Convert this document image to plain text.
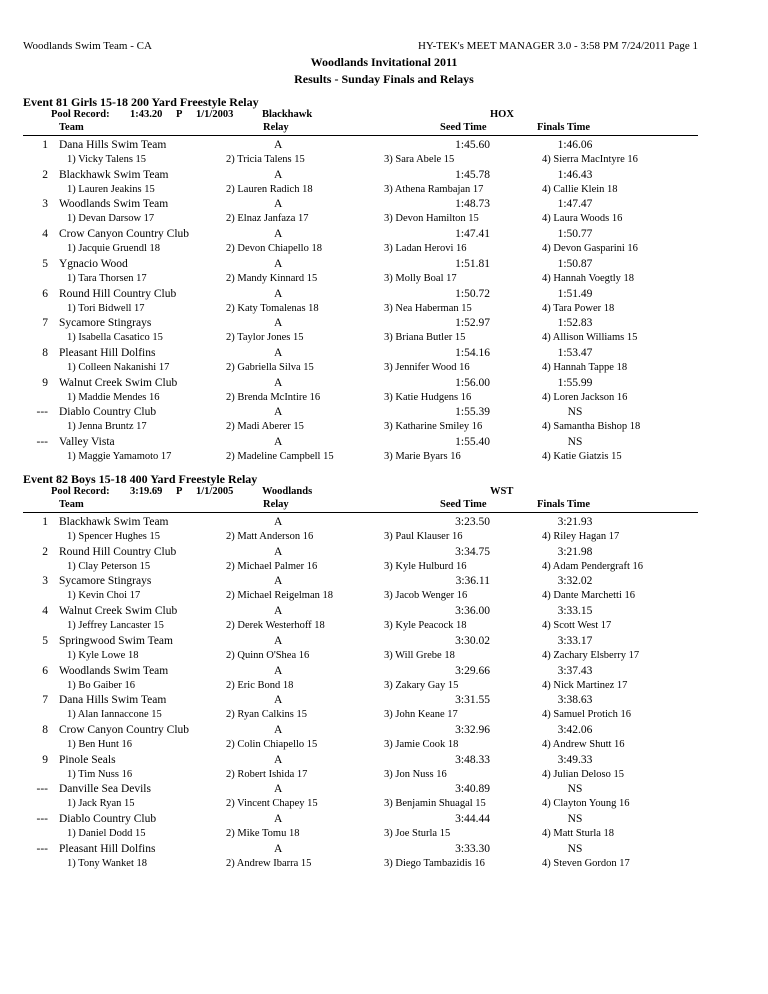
Woodlands Swim Team - CA	HY-TEK's MEET MANAGER 3.0 - 3:58 PM 7/24/2011 Page 1
Woodlands Invitational 2011
Results - Sunday Finals and Relays
Event 81 Girls 15-18 200 Yard Freestyle Relay
Pool Record: 1:43.20 P 1/1/2003	Blackhawk	HOX
Team	Relay	Seed Time	Finals Time
1 Dana Hills Swim Team	A	1:45.60	1:46.06
1) Vicky Talens 15	2) Tricia Talens 15	3) Sara Abele 15	4) Sierra MacIntyre 16
2 Blackhawk Swim Team	A	1:45.78	1:46.43
1) Lauren Jeakins 15	2) Lauren Radich 18	3) Athena Rambajan 17	4) Callie Klein 18
3 Woodlands Swim Team	A	1:48.73	1:47.47
1) Devan Darsow 17	2) Elnaz Janfaza 17	3) Devon Hamilton 15	4) Laura Woods 16
4 Crow Canyon Country Club	A	1:47.41	1:50.77
1) Jacquie Gruendl 18	2) Devon Chiapello 18	3) Ladan Herovi 16	4) Devon Gasparini 16
5 Ygnacio Wood	A	1:51.81	1:50.87
1) Tara Thorsen 17	2) Mandy Kinnard 15	3) Molly Boal 17	4) Hannah Voegtly 18
6 Round Hill Country Club	A	1:50.72	1:51.49
1) Tori Bidwell 17	2) Katy Tomalenas 18	3) Nea Haberman 15	4) Tara Power 18
7 Sycamore Stingrays	A	1:52.97	1:52.83
1) Isabella Casatico 15	2) Taylor Jones 15	3) Briana Butler 15	4) Allison Williams 15
8 Pleasant Hill Dolfins	A	1:54.16	1:53.47
1) Colleen Nakanishi 17	2) Gabriella Silva 15	3) Jennifer Wood 16	4) Hannah Tappe 18
9 Walnut Creek Swim Club	A	1:56.00	1:55.99
1) Maddie Mendes 16	2) Brenda McIntire 16	3) Katie Hudgens 16	4) Loren Jackson 16
--- Diablo Country Club	A	1:55.39	NS
1) Jenna Bruntz 17	2) Madi Aberer 15	3) Katharine Smiley 16	4) Samantha Bishop 18
--- Valley Vista	A	1:55.40	NS
1) Maggie Yamamoto 17	2) Madeline Campbell 15	3) Marie Byars 16	4) Katie Giatzis 15
Event 82 Boys 15-18 400 Yard Freestyle Relay
Pool Record: 3:19.69 P 1/1/2005	Woodlands	WST
Team	Relay	Seed Time	Finals Time
1 Blackhawk Swim Team	A	3:23.50	3:21.93
1) Spencer Hughes 15	2) Matt Anderson 16	3) Paul Klauser 16	4) Riley Hagan 17
2 Round Hill Country Club	A	3:34.75	3:21.98
1) Clay Peterson 15	2) Michael Palmer 16	3) Kyle Hulburd 16	4) Adam Pendergraft 16
3 Sycamore Stingrays	A	3:36.11	3:32.02
1) Kevin Choi 17	2) Michael Reigelman 18	3) Jacob Wenger 16	4) Dante Marchetti 16
4 Walnut Creek Swim Club	A	3:36.00	3:33.15
1) Jeffrey Lancaster 15	2) Derek Westerhoff 18	3) Kyle Peacock 18	4) Scott West 17
5 Springwood Swim Team	A	3:30.02	3:33.17
1) Kyle Lowe 18	2) Quinn O'Shea 16	3) Will Grebe 18	4) Zachary Elsberry 17
6 Woodlands Swim Team	A	3:29.66	3:37.43
1) Bo Gaiber 16	2) Eric Bond 18	3) Zakary Gay 15	4) Nick Martinez 17
7 Dana Hills Swim Team	A	3:31.55	3:38.63
1) Alan Iannaccone 15	2) Ryan Calkins 15	3) John Keane 17	4) Samuel Protich 16
8 Crow Canyon Country Club	A	3:32.96	3:42.06
1) Ben Hunt 16	2) Colin Chiapello 15	3) Jamie Cook 18	4) Andrew Shutt 16
9 Pinole Seals	A	3:48.33	3:49.33
1) Tim Nuss 16	2) Robert Ishida 17	3) Jon Nuss 16	4) Julian Deloso 15
--- Danville Sea Devils	A	3:40.89	NS
1) Jack Ryan 15	2) Vincent Chapey 15	3) Benjamin Shuagal 15	4) Clayton Young 16
--- Diablo Country Club	A	3:44.44	NS
1) Daniel Dodd 15	2) Mike Tomu 18	3) Joe Sturla 15	4) Matt Sturla 18
--- Pleasant Hill Dolfins	A	3:33.30	NS
1) Tony Wanket 18	2) Andrew Ibarra 15	3) Diego Tambazidis 16	4) Steven Gordon 17
